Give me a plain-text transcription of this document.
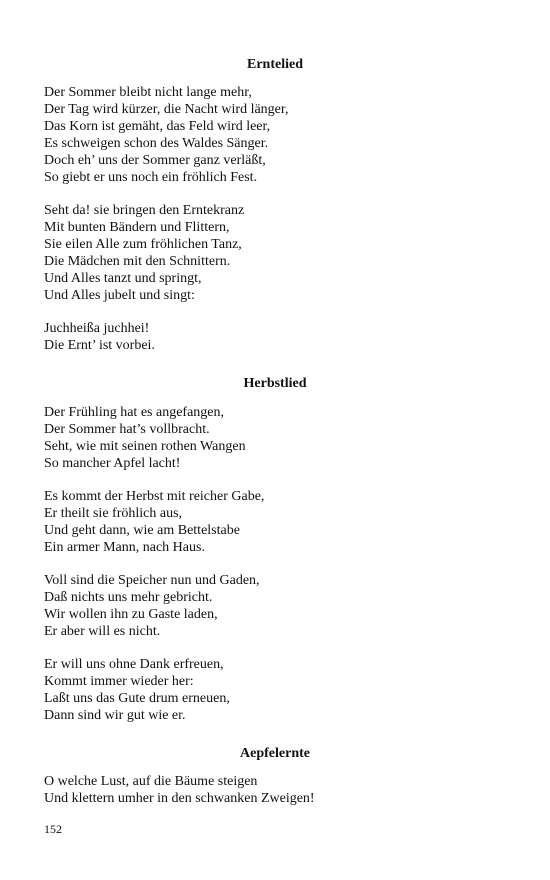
Erntelied

Der Sommer bleibt nicht lange mehr,
Der Tag wird kürzer, die Nacht wird länger,
Das Korn ist gemäht, das Feld wird leer,
Es schweigen schon des Waldes Sänger.
Doch eh’ uns der Sommer ganz verläßt,
So giebt er uns noch ein fröhlich Fest.

Seht da! sie bringen den Erntekranz
Mit bunten Bändern und Flittern,
Sie eilen Alle zum fröhlichen Tanz,
Die Mädchen mit den Schnittern.
Und Alles tanzt und springt,
Und Alles jubelt und singt:

Juchheißa juchhei!
Die Ernt’ ist vorbei.

Herbstlied

Der Frühling hat es angefangen,
Der Sommer hat’s vollbracht.
Seht, wie mit seinen rothen Wangen
So mancher Apfel lacht!

Es kommt der Herbst mit reicher Gabe,
Er theilt sie fröhlich aus,
Und geht dann, wie am Bettelstabe
Ein armer Mann, nach Haus.

Voll sind die Speicher nun und Gaden,
Daß nichts uns mehr gebricht.
Wir wollen ihn zu Gaste laden,
Er aber will es nicht.

Er will uns ohne Dank erfreuen,
Kommt immer wieder her:
Laßt uns das Gute drum erneuen,
Dann sind wir gut wie er.

Aepfelernte

O welche Lust, auf die Bäume steigen
Und klettern umher in den schwanken Zweigen!

152
